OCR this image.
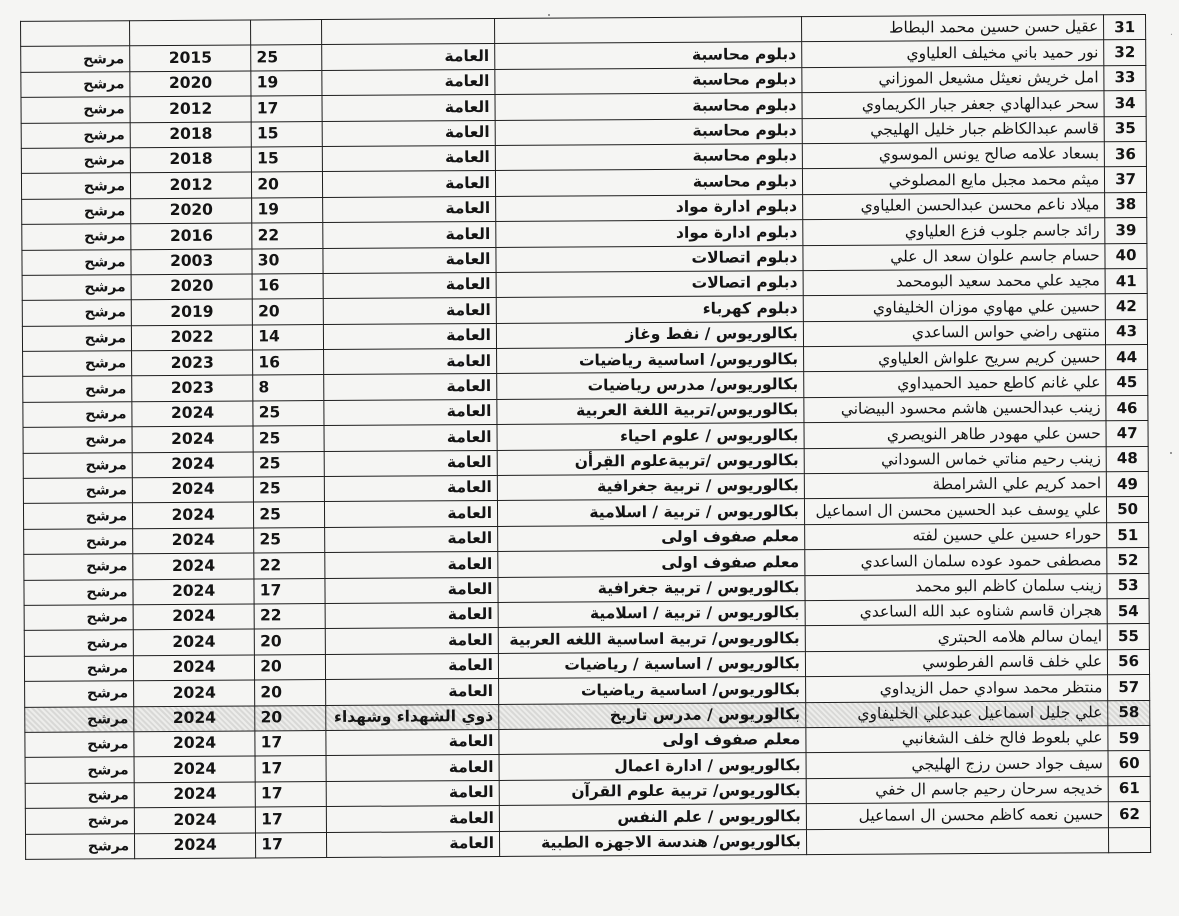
·
31	عقيل حسن حسين محمد البطاط					
32	نور حميد باني مخيلف العلياوي	دبلوم محاسبة	العامة	25	2015	مرشح
33	امل خريش نعيثل مشيعل الموزاني	دبلوم محاسبة	العامة	19	2020	مرشح
34	سحر عبدالهادي جعفر جبار الكريماوي	دبلوم محاسبة	العامة	17	2012	مرشح
35	قاسم عبدالكاظم جبار خليل الهليجي	دبلوم محاسبة	العامة	15	2018	مرشح
36	بسعاد علامه صالح يونس الموسوي	دبلوم محاسبة	العامة	15	2018	مرشح
37	ميثم محمد مجبل مايع المصلوخي	دبلوم محاسبة	العامة	20	2012	مرشح
38	ميلاد ناعم محسن عبدالحسن العلياوي	دبلوم ادارة مواد	العامة	19	2020	مرشح
39	رائد جاسم جلوب فزع العلياوي	دبلوم ادارة مواد	العامة	22	2016	مرشح
40	حسام جاسم علوان سعد ال علي	دبلوم اتصالات	العامة	30	2003	مرشح
41	مجيد علي محمد سعيد البومحمد	دبلوم اتصالات	العامة	16	2020	مرشح
42	حسين علي مهاوي موزان الخليفاوي	دبلوم كهرباء	العامة	20	2019	مرشح
43	منتهى راضي حواس الساعدي	بكالوريوس / نفط وغاز	العامة	14	2022	مرشح
44	حسين كريم سريح علواش العلياوي	بكالوريوس/ اساسية رياضيات	العامة	16	2023	مرشح
45	علي غانم كاطع حميد الحميداوي	بكالوريوس/ مدرس رياضيات	العامة	8	2023	مرشح
46	زينب عبدالحسين هاشم محسود البيضاني	بكالوريوس/تربية اللغة العربية	العامة	25	2024	مرشح
47	حسن علي مهودر طاهر النويصري	بكالوريوس / علوم احياء	العامة	25	2024	مرشح
48	زينب رحيم مناتي خماس السوداني	بكالوريوس /تربيةعلوم القرأن	العامة	25	2024	مرشح
49	احمد كريم علي الشرامطة	بكالوريوس / تربية جغرافية	العامة	25	2024	مرشح
50	علي يوسف عبد الحسين محسن ال اسماعيل	بكالوريوس / تربية / اسلامية	العامة	25	2024	مرشح
51	حوراء حسين علي حسين لفته	معلم صفوف اولى	العامة	25	2024	مرشح
52	مصطفى حمود عوده سلمان الساعدي	معلم صفوف اولى	العامة	22	2024	مرشح
53	زينب سلمان كاظم البو محمد	بكالوريوس / تربية جغرافية	العامة	17	2024	مرشح
54	هجران قاسم شناوه عبد الله الساعدي	بكالوريوس / تربية / اسلامية	العامة	22	2024	مرشح
55	ايمان سالم هلامه الحبتري	بكالوريوس/ تربية اساسية اللغه العربية	العامة	20	2024	مرشح
56	علي خلف قاسم الفرطوسي	بكالوريوس / اساسية / رياضيات	العامة	20	2024	مرشح
57	منتظر محمد سوادي حمل الزيداوي	بكالوريوس/ اساسية رياضيات	العامة	20	2024	مرشح
58	علي جليل اسماعيل عبدعلي الخليفاوي	بكالوريوس / مدرس تاريخ	ذوي الشهداء وشهداء	20	2024	مرشح
59	علي بلعوط فالح خلف الشغانبي	معلم صفوف اولى	العامة	17	2024	مرشح
60	سيف جواد حسن رزج الهليجي	بكالوريوس / ادارة اعمال	العامة	17	2024	مرشح
61	خديجه سرحان رحيم جاسم ال خفي	بكالوريوس/ تربية علوم القرآن	العامة	17	2024	مرشح
62	حسين نعمه كاظم محسن ال اسماعيل	بكالوريوس / علم النفس	العامة	17	2024	مرشح
		بكالوريوس/ هندسة الاجهزه الطبية	العامة	17	2024	مرشح
